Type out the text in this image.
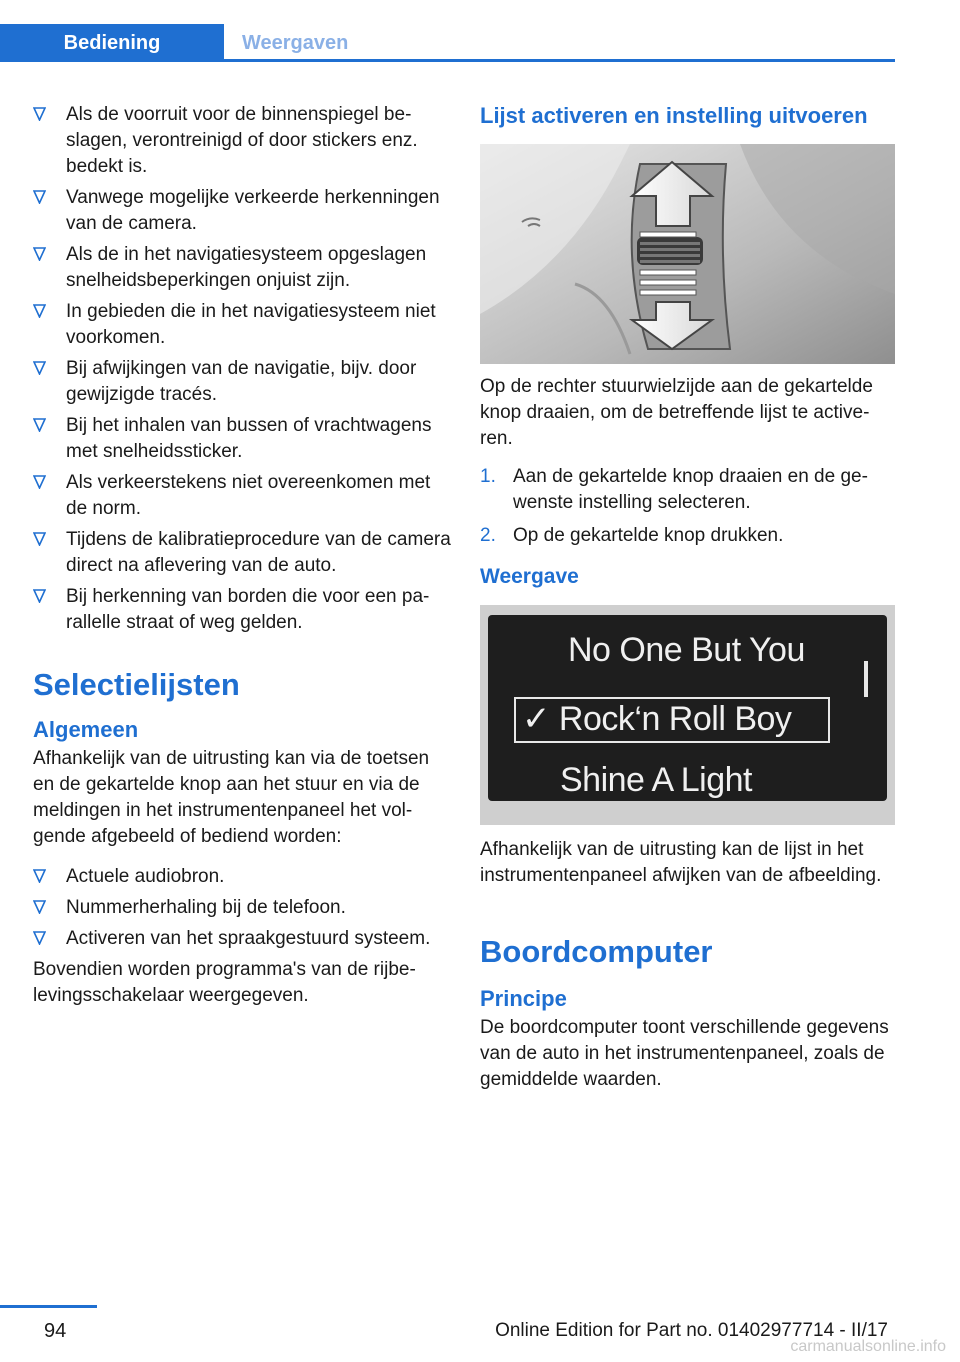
Bediening	Weergaven
Als de voorruit voor de binnenspiegel beslagen, verontreinigd of door stickers enz. bedekt is.
Vanwege mogelijke verkeerde herkenningen van de camera.
Als de in het navigatiesysteem opgeslagen snelheidsbeperkingen onjuist zijn.
In gebieden die in het navigatiesysteem niet voorkomen.
Bij afwijkingen van de navigatie, bijv. door gewijzigde tracés.
Bij het inhalen van bussen of vrachtwagens met snelheidssticker.
Als verkeerstekens niet overeenkomen met de norm.
Tijdens de kalibratieprocedure van de camera direct na aflevering van de auto.
Bij herkenning van borden die voor een parallelle straat of weg gelden.
Selectielijsten
Algemeen
Afhankelijk van de uitrusting kan via de toetsen en de gekartelde knop aan het stuur en via de meldingen in het instrumentenpaneel het volgende afgebeeld of bediend worden:
Actuele audiobron.
Nummerherhaling bij de telefoon.
Activeren van het spraakgestuurd systeem.
Bovendien worden programma's van de rijbelevingsschakelaar weergegeven.
Lijst activeren en instelling uitvoeren
Op de rechter stuurwielzijde aan de gekartelde knop draaien, om de betreffende lijst te activeren.
1. Aan de gekartelde knop draaien en de gewenste instelling selecteren.
2. Op de gekartelde knop drukken.
Weergave
No One But You
✓ Rock‘n Roll Boy
Shine A Light
Afhankelijk van de uitrusting kan de lijst in het instrumentenpaneel afwijken van de afbeelding.
Boordcomputer
Principe
De boordcomputer toont verschillende gegevens van de auto in het instrumentenpaneel, zoals de gemiddelde waarden.
94	Online Edition for Part no. 01402977714 - II/17
carmanualsonline.info
